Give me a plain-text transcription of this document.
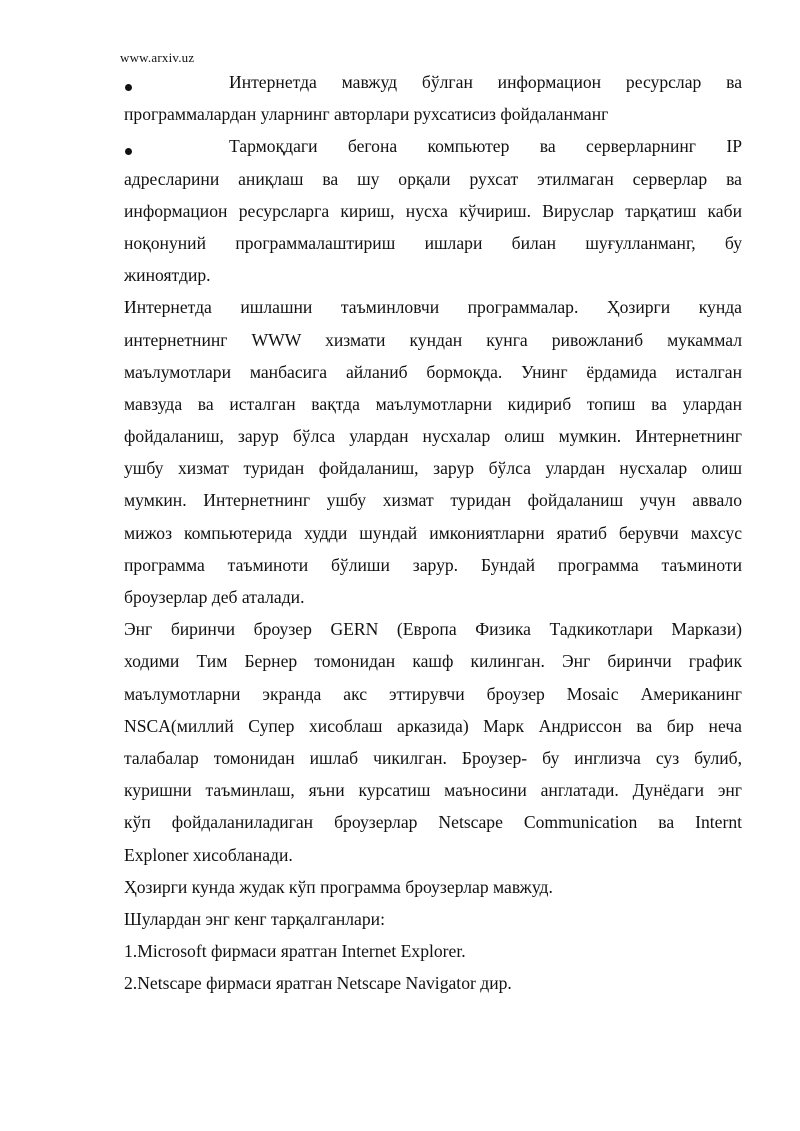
www.arxiv.uz
Интернетда мавжуд бўлган информацион ресурслар ва
программалардан уларнинг авторлари рухсатисиз фойдаланманг
Тармоқдаги бегона компьютер ва серверларнинг IP
адресларини аниқлаш ва шу орқали рухсат этилмаган серверлар ва
информацион ресурсларга кириш, нусха кўчириш. Вируслар тарқатиш каби
ноқонуний программалаштириш ишлари билан шуғулланманг, бу
жиноятдир.
Интернетда ишлашни таъминловчи программалар. Ҳозирги кунда
интернетнинг WWW хизмати кундан кунга ривожланиб мукаммал
маълумотлари манбасига айланиб бормоқда. Унинг ёрдамида исталган
мавзуда ва исталган вақтда маълумотларни кидириб топиш ва улардан
фойдаланиш, зарур бўлса улардан нусхалар олиш мумкин. Интернетнинг
ушбу хизмат туридан фойдаланиш, зарур бўлса улардан нусхалар олиш
мумкин. Интернетнинг ушбу хизмат туридан фойдаланиш учун аввало
мижоз компьютерида худди шундай имкониятларни яратиб берувчи махсус
программа таъминоти бўлиши зарур. Бундай программа таъминоти
броузерлар деб аталади.
Энг биринчи броузер GERN (Европа Физика Тадкикотлари Маркази)
ходими Тим Бернер томонидан кашф килинган. Энг биринчи график
маълумотларни экранда акс эттирувчи броузер Mosaic Американинг
NSCA(миллий Супер хисоблаш арказида) Марк Андриссон ва бир неча
талабалар томонидан ишлаб чикилган. Броузер- бу инглизча суз булиб,
куришни таъминлаш, яъни курсатиш маъносини англатади. Дунёдаги энг
кўп фойдаланиладиган броузерлар Netscape Communication ва Internt
Exploner хисобланади.
Ҳозирги кунда жудак кўп программа броузерлар мавжуд.
Шулардан энг кенг тарқалганлари:
1.Microsoft фирмаси яратган Internet Explorer.
2.Netscape фирмаси яратган Netscape Navigator дир.
